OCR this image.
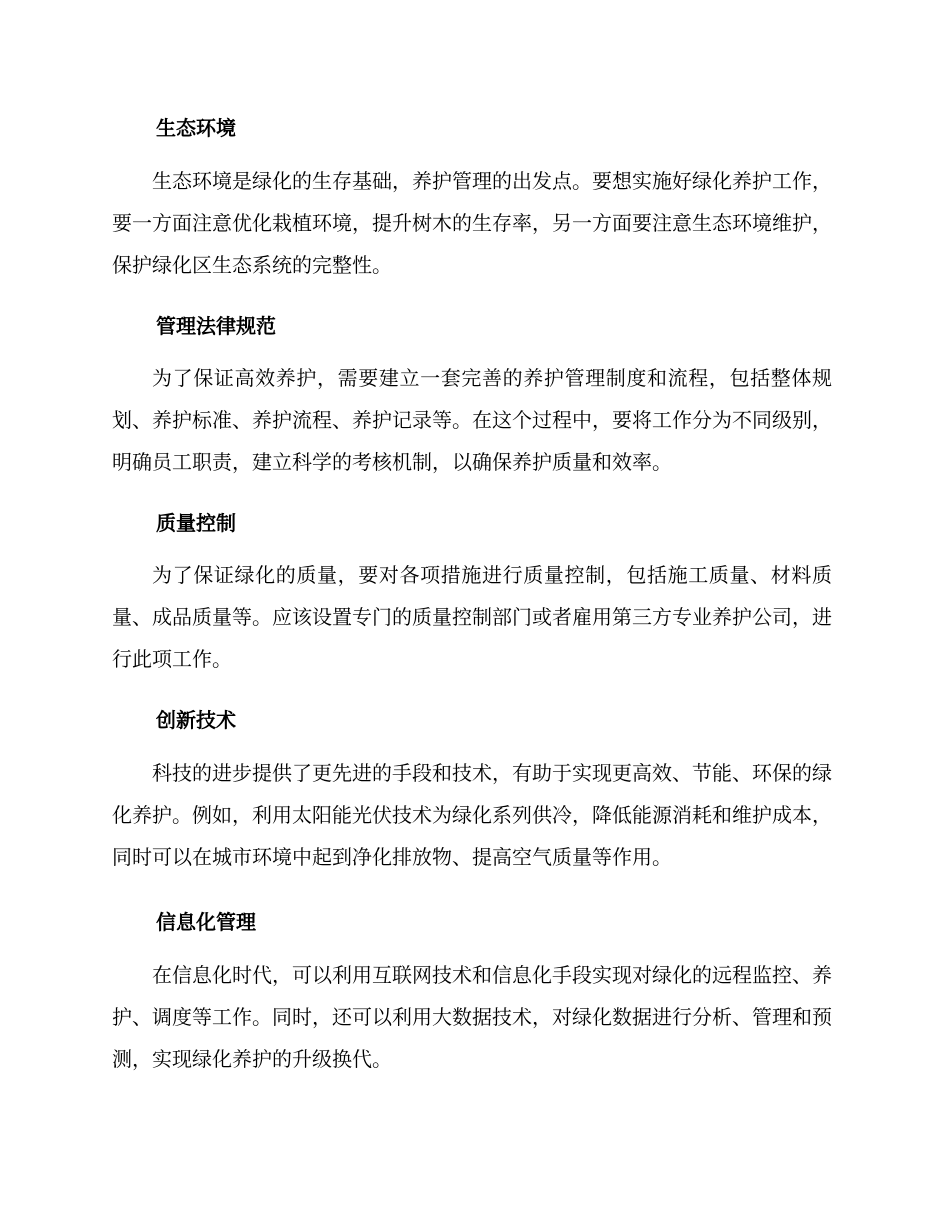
生态环境

生态环境是绿化的生存基础，养护管理的出发点。要想实施好绿化养护工作，要一方面注意优化栽植环境，提升树木的生存率，另一方面要注意生态环境维护，保护绿化区生态系统的完整性。

管理法律规范

为了保证高效养护，需要建立一套完善的养护管理制度和流程，包括整体规划、养护标准、养护流程、养护记录等。在这个过程中，要将工作分为不同级别，明确员工职责，建立科学的考核机制，以确保养护质量和效率。

质量控制

为了保证绿化的质量，要对各项措施进行质量控制，包括施工质量、材料质量、成品质量等。应该设置专门的质量控制部门或者雇用第三方专业养护公司，进行此项工作。

创新技术

科技的进步提供了更先进的手段和技术，有助于实现更高效、节能、环保的绿化养护。例如，利用太阳能光伏技术为绿化系列供冷，降低能源消耗和维护成本，同时可以在城市环境中起到净化排放物、提高空气质量等作用。

信息化管理

在信息化时代，可以利用互联网技术和信息化手段实现对绿化的远程监控、养护、调度等工作。同时，还可以利用大数据技术，对绿化数据进行分析、管理和预测，实现绿化养护的升级换代。
